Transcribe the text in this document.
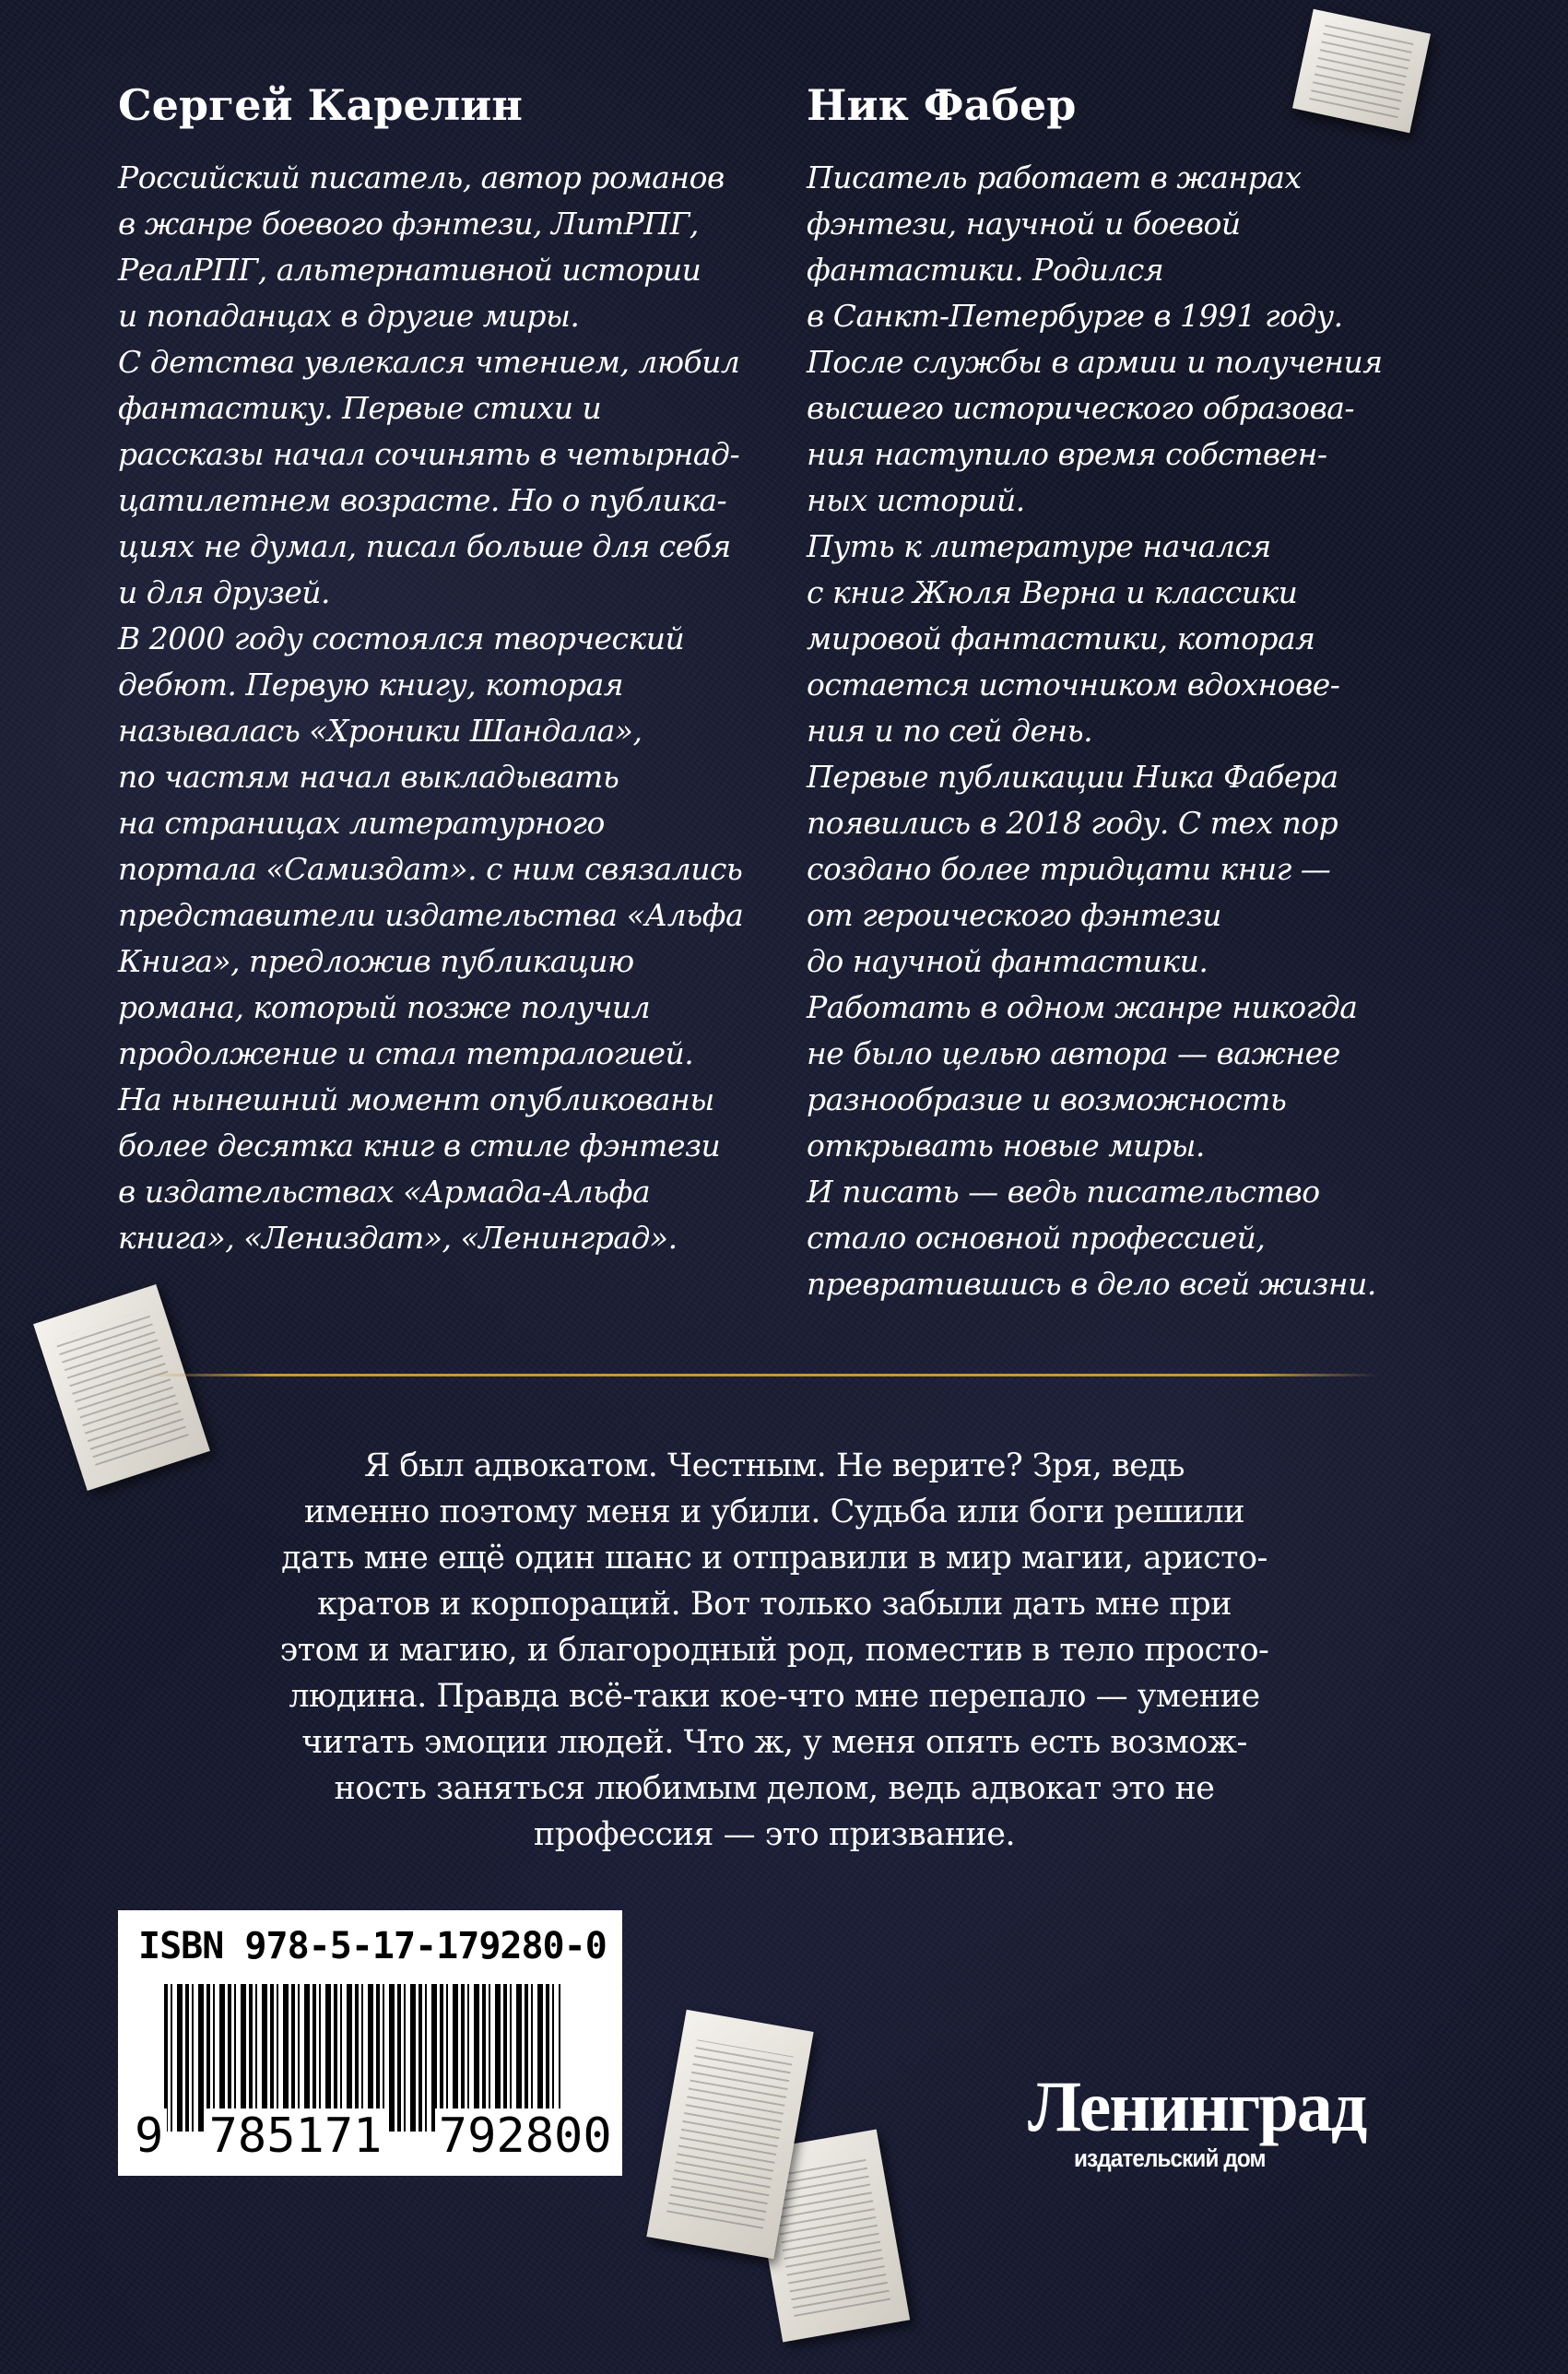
Сергей Карелин
Российский писатель, автор романов
в жанре боевого фэнтези, ЛитРПГ,
РеалРПГ, альтернативной истории
и попаданцах в другие миры.
С детства увлекался чтением, любил
фантастику. Первые стихи и
рассказы начал сочинять в четырнад-
цатилетнем возрасте. Но о публика-
циях не думал, писал больше для себя
и для друзей.
В 2000 году состоялся творческий
дебют. Первую книгу, которая
называлась «Хроники Шандала»,
по частям начал выкладывать
на страницах литературного
портала «Самиздат». с ним связались
представители издательства «Альфа
Книга», предложив публикацию
романа, который позже получил
продолжение и стал тетралогией.
На нынешний момент опубликованы
более десятка книг в стиле фэнтези
в издательствах «Армада-Альфа
книга», «Лениздат», «Ленинград».
Ник Фабер
Писатель работает в жанрах
фэнтези, научной и боевой
фантастики. Родился
в Санкт-Петербурге в 1991 году.
После службы в армии и получения
высшего исторического образова-
ния наступило время собствен-
ных историй.
Путь к литературе начался
с книг Жюля Верна и классики
мировой фантастики, которая
остается источником вдохнове-
ния и по сей день.
Первые публикации Ника Фабера
появились в 2018 году. С тех пор
создано более тридцати книг —
от героического фэнтези
до научной фантастики.
Работать в одном жанре никогда
не было целью автора — важнее
разнообразие и возможность
открывать новые миры.
И писать — ведь писательство
стало основной профессией,
превратившись в дело всей жизни.
Я был адвокатом. Честным. Не верите? Зря, ведь
именно поэтому меня и убили. Судьба или боги решили
дать мне ещё один шанс и отправили в мир магии, аристо-
кратов и корпораций. Вот только забыли дать мне при
этом и магию, и благородный род, поместив в тело просто-
людина. Правда всё-таки кое-что мне перепало — умение
читать эмоции людей. Что ж, у меня опять есть возмож-
ность заняться любимым делом, ведь адвокат это не
профессия — это призвание.
ISBN 978-5-17-179280-0
9 785171 792800	Ленинград
издательский дом
